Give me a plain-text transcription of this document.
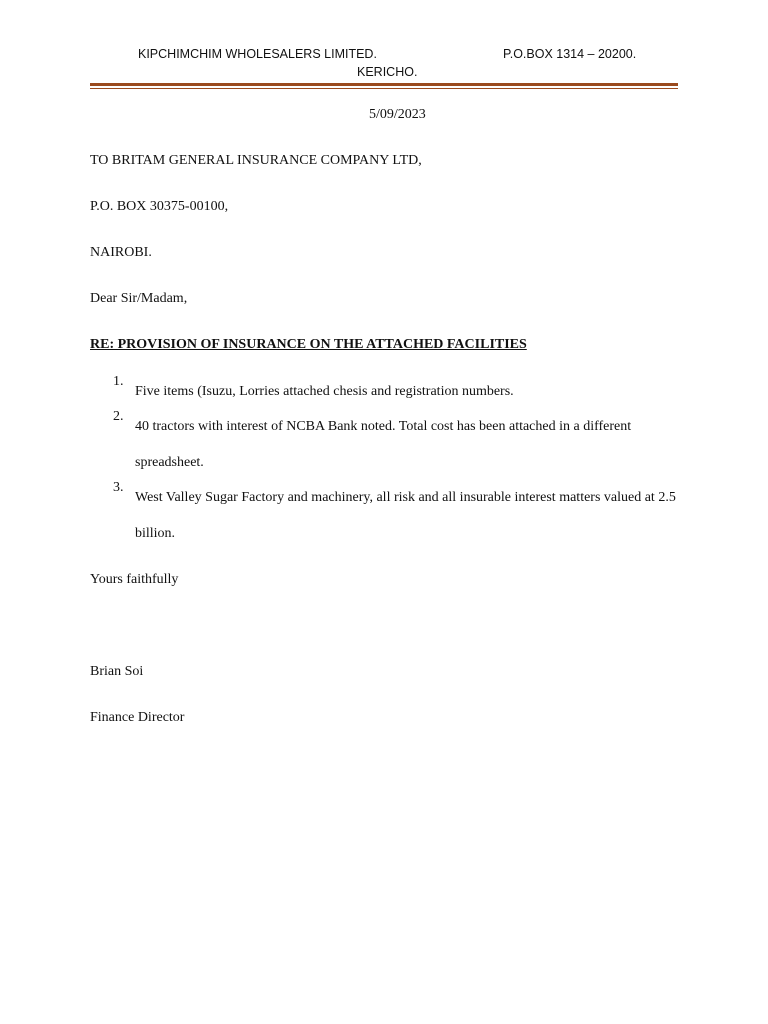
KIPCHIMCHIM WHOLESALERS LIMITED.	P.O.BOX 1314 – 20200.
KERICHO.
5/09/2023
TO BRITAM GENERAL INSURANCE COMPANY LTD,
P.O. BOX 30375-00100,
NAIROBI.
Dear Sir/Madam,
RE: PROVISION OF INSURANCE ON THE ATTACHED FACILITIES
1.
Five items (Isuzu, Lorries attached chesis and registration numbers.
2.
40 tractors with interest of NCBA Bank noted. Total cost has been attached in a different spreadsheet.
3.
West Valley Sugar Factory and machinery, all risk and all insurable interest matters valued at 2.5 billion.
Yours faithfully
Brian Soi
Finance Director
